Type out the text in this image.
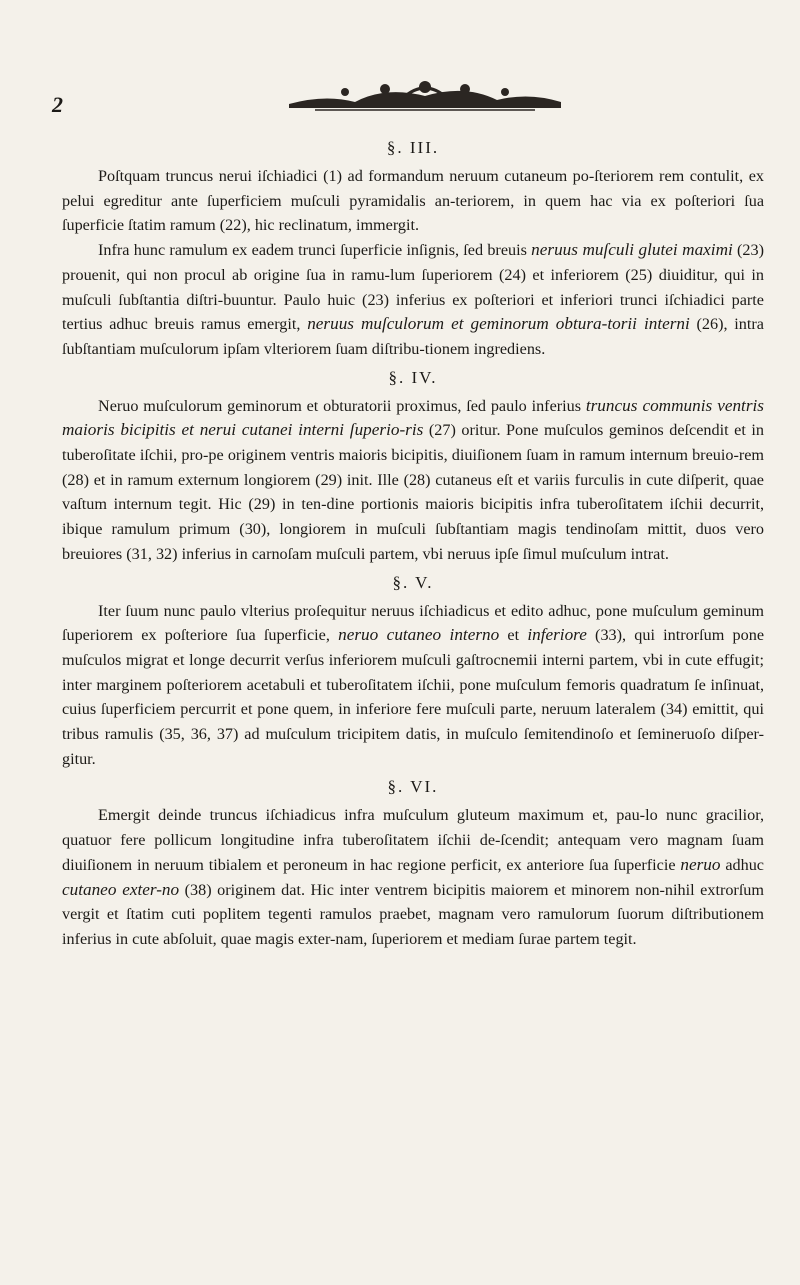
2
§. III.

Poſtquam truncus nerui iſchiadici (1) ad formandum neruum cutaneum po-ſteriorem rem contulit, ex pelui egreditur ante ſuperficiem muſculi pyramidalis an-teriorem, in quem hac via ex poſteriori ſua ſuperficie ſtatim ramum (22), hic reclinatum, immergit.

Infra hunc ramulum ex eadem trunci ſuperficie inſignis, ſed breuis neruus muſculi glutei maximi (23) prouenit, qui non procul ab origine ſua in ramu-lum ſuperiorem (24) et inferiorem (25) diuiditur, qui in muſculi ſubſtantia diſtri-buuntur. Paulo huic (23) inferius ex poſteriori et inferiori trunci iſchiadici parte tertius adhuc breuis ramus emergit, neruus muſculorum et geminorum obtura-torii interni (26), intra ſubſtantiam muſculorum ipſam vlteriorem ſuam diſtribu-tionem ingrediens.

§. IV.

Neruo muſculorum geminorum et obturatorii proximus, ſed paulo inferius truncus communis ventris maioris bicipitis et nerui cutanei interni ſuperio-ris (27) oritur. Pone muſculos geminos deſcendit et in tuberoſitate iſchii, pro-pe originem ventris maioris bicipitis, diuiſionem ſuam in ramum internum breuio-rem (28) et in ramum externum longiorem (29) init. Ille (28) cutaneus eſt et variis furculis in cute diſperit, quae vaſtum internum tegit. Hic (29) in ten-dine portionis maioris bicipitis infra tuberoſitatem iſchii decurrit, ibique ramulum primum (30), longiorem in muſculi ſubſtantiam magis tendinoſam mittit, duos vero breuiores (31, 32) inferius in carnoſam muſculi partem, vbi neruus ipſe ſimul muſculum intrat.

§. V.

Iter ſuum nunc paulo vlterius proſequitur neruus iſchiadicus et edito adhuc, pone muſculum geminum ſuperiorem ex poſteriore ſua ſuperficie, neruo cutaneo interno et inferiore (33), qui introrſum pone muſculos migrat et longe decurrit verſus inferiorem muſculi gaſtrocnemii interni partem, vbi in cute effugit; inter marginem poſteriorem acetabuli et tuberoſitatem iſchii, pone muſculum femoris quadratum ſe inſinuat, cuius ſuperficiem percurrit et pone quem, in inferiore fere muſculi parte, neruum lateralem (34) emittit, qui tribus ramulis (35, 36, 37) ad muſculum tricipitem datis, in muſculo ſemitendinoſo et ſemineruoſo diſper-gitur.

§. VI.

Emergit deinde truncus iſchiadicus infra muſculum gluteum maximum et, pau-lo nunc gracilior, quatuor fere pollicum longitudine infra tuberoſitatem iſchii de-ſcendit; antequam vero magnam ſuam diuiſionem in neruum tibialem et peroneum in hac regione perficit, ex anteriore ſua ſuperficie neruo adhuc cutaneo exter-no (38) originem dat. Hic inter ventrem bicipitis maiorem et minorem non-nihil extrorſum vergit et ſtatim cuti poplitem tegenti ramulos praebet, magnam vero ramulorum ſuorum diſtributionem inferius in cute abſoluit, quae magis exter-nam, ſuperiorem et mediam ſurae partem tegit.
